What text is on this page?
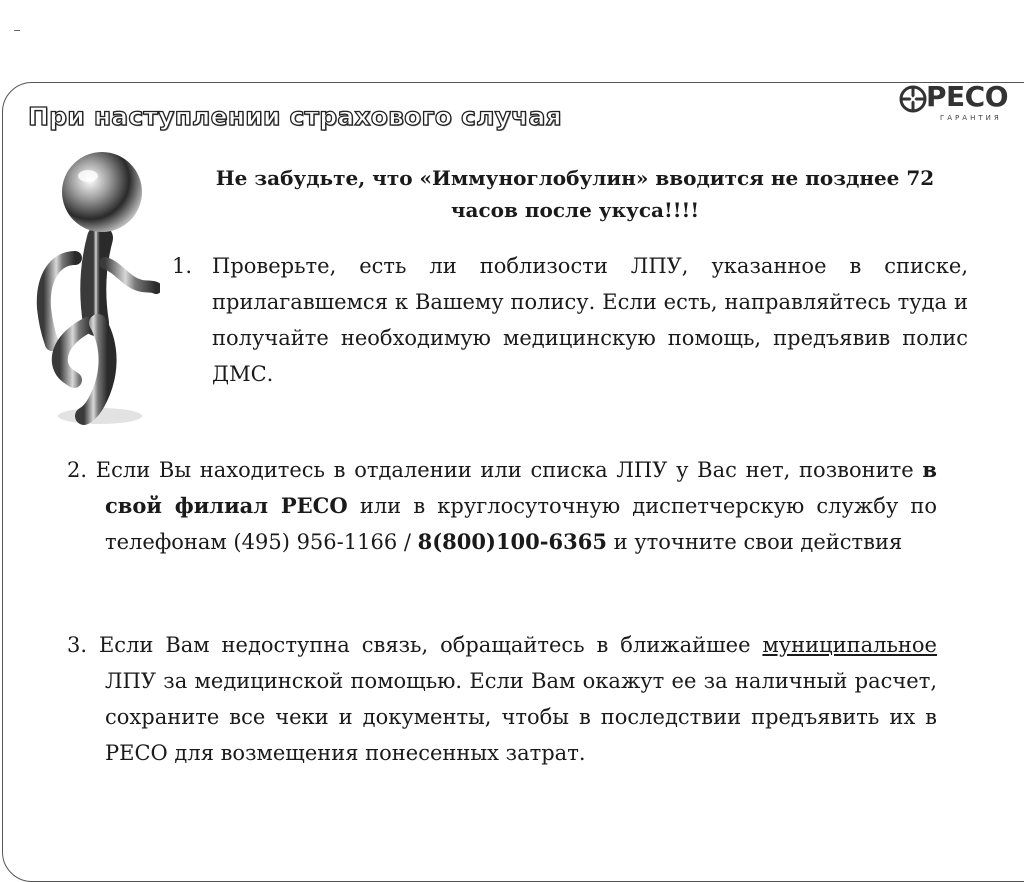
При наступлении страхового случая
РЕСО
ГАРАНТИЯ

Не забудьте, что «Иммуноглобулин» вводится не позднее 72 часов после укуса!!!!

1. Проверьте, есть ли поблизости ЛПУ, указанное в списке, прилагавшемся к Вашему полису. Если есть, направляйтесь туда и получайте необходимую медицинскую помощь, предъявив полис ДМС.

2. Если Вы находитесь в отдалении или списка ЛПУ у Вас нет, позвоните в свой филиал РЕСО или в круглосуточную диспетчерскую службу по телефонам (495) 956-1166 / 8(800)100-6365 и уточните свои действия

3. Если Вам недоступна связь, обращайтесь в ближайшее муниципальное ЛПУ за медицинской помощью. Если Вам окажут ее за наличный расчет, сохраните все чеки и документы, чтобы в последствии предъявить их в РЕСО для возмещения понесенных затрат.
